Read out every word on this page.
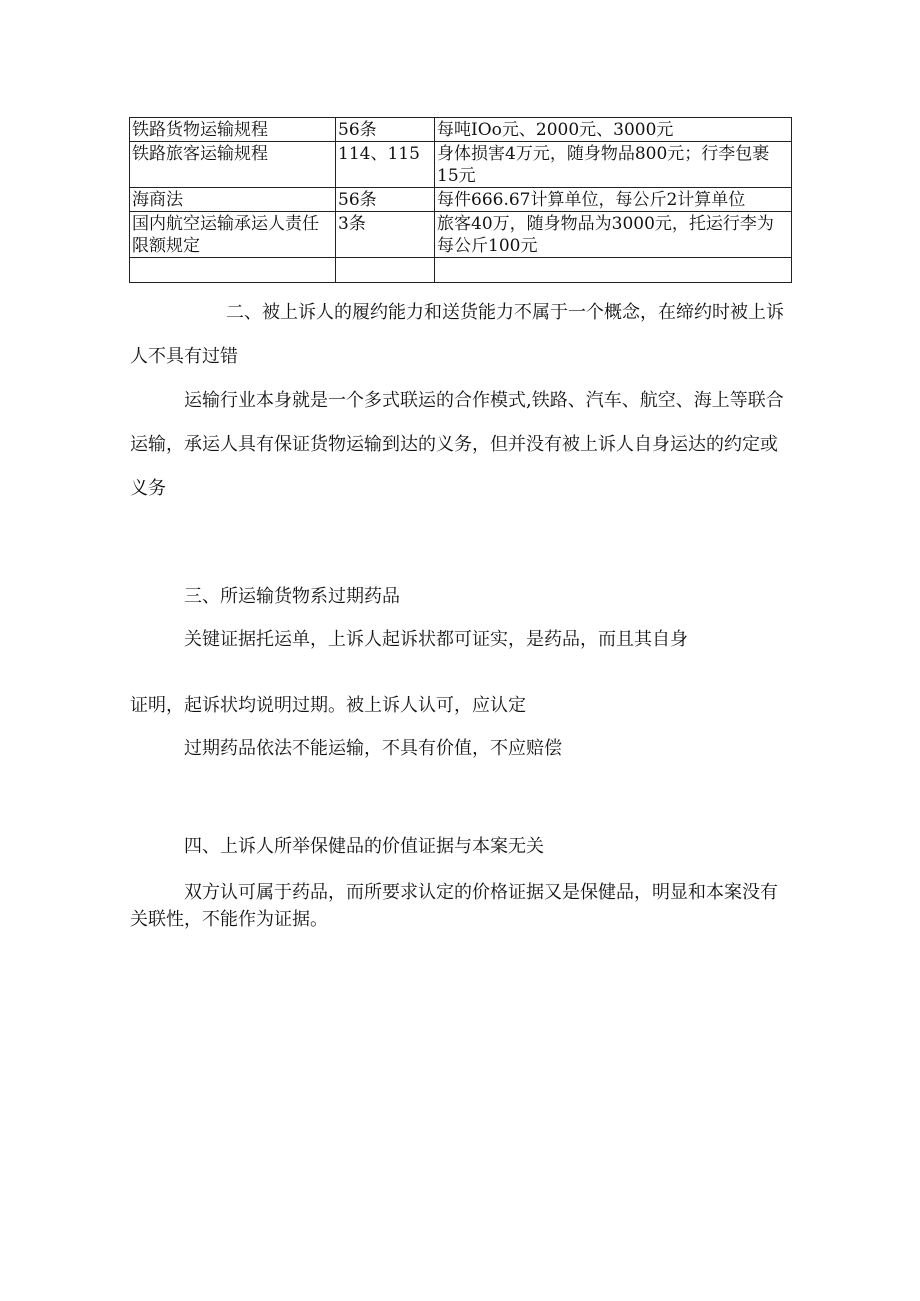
铁路货物运输规程	56条	每吨IOo元、2000元、3000元
铁路旅客运输规程	114、115	身体损害4万元，随身物品800元；行李包裹15元
海商法	56条	每件666.67计算单位，每公斤2计算单位
国内航空运输承运人责任限额规定	3条	旅客40万，随身物品为3000元，托运行李为每公斤100元

二、被上诉人的履约能力和送货能力不属于一个概念，在缔约时被上诉人不具有过错

运输行业本身就是一个多式联运的合作模式,铁路、汽车、航空、海上等联合运输，承运人具有保证货物运输到达的义务，但并没有被上诉人自身运达的约定或义务

三、所运输货物系过期药品

关键证据托运单，上诉人起诉状都可证实，是药品，而且其自身

证明，起诉状均说明过期。被上诉人认可，应认定

过期药品依法不能运输，不具有价值，不应赔偿

四、上诉人所举保健品的价值证据与本案无关

双方认可属于药品，而所要求认定的价格证据又是保健品，明显和本案没有关联性，不能作为证据。
